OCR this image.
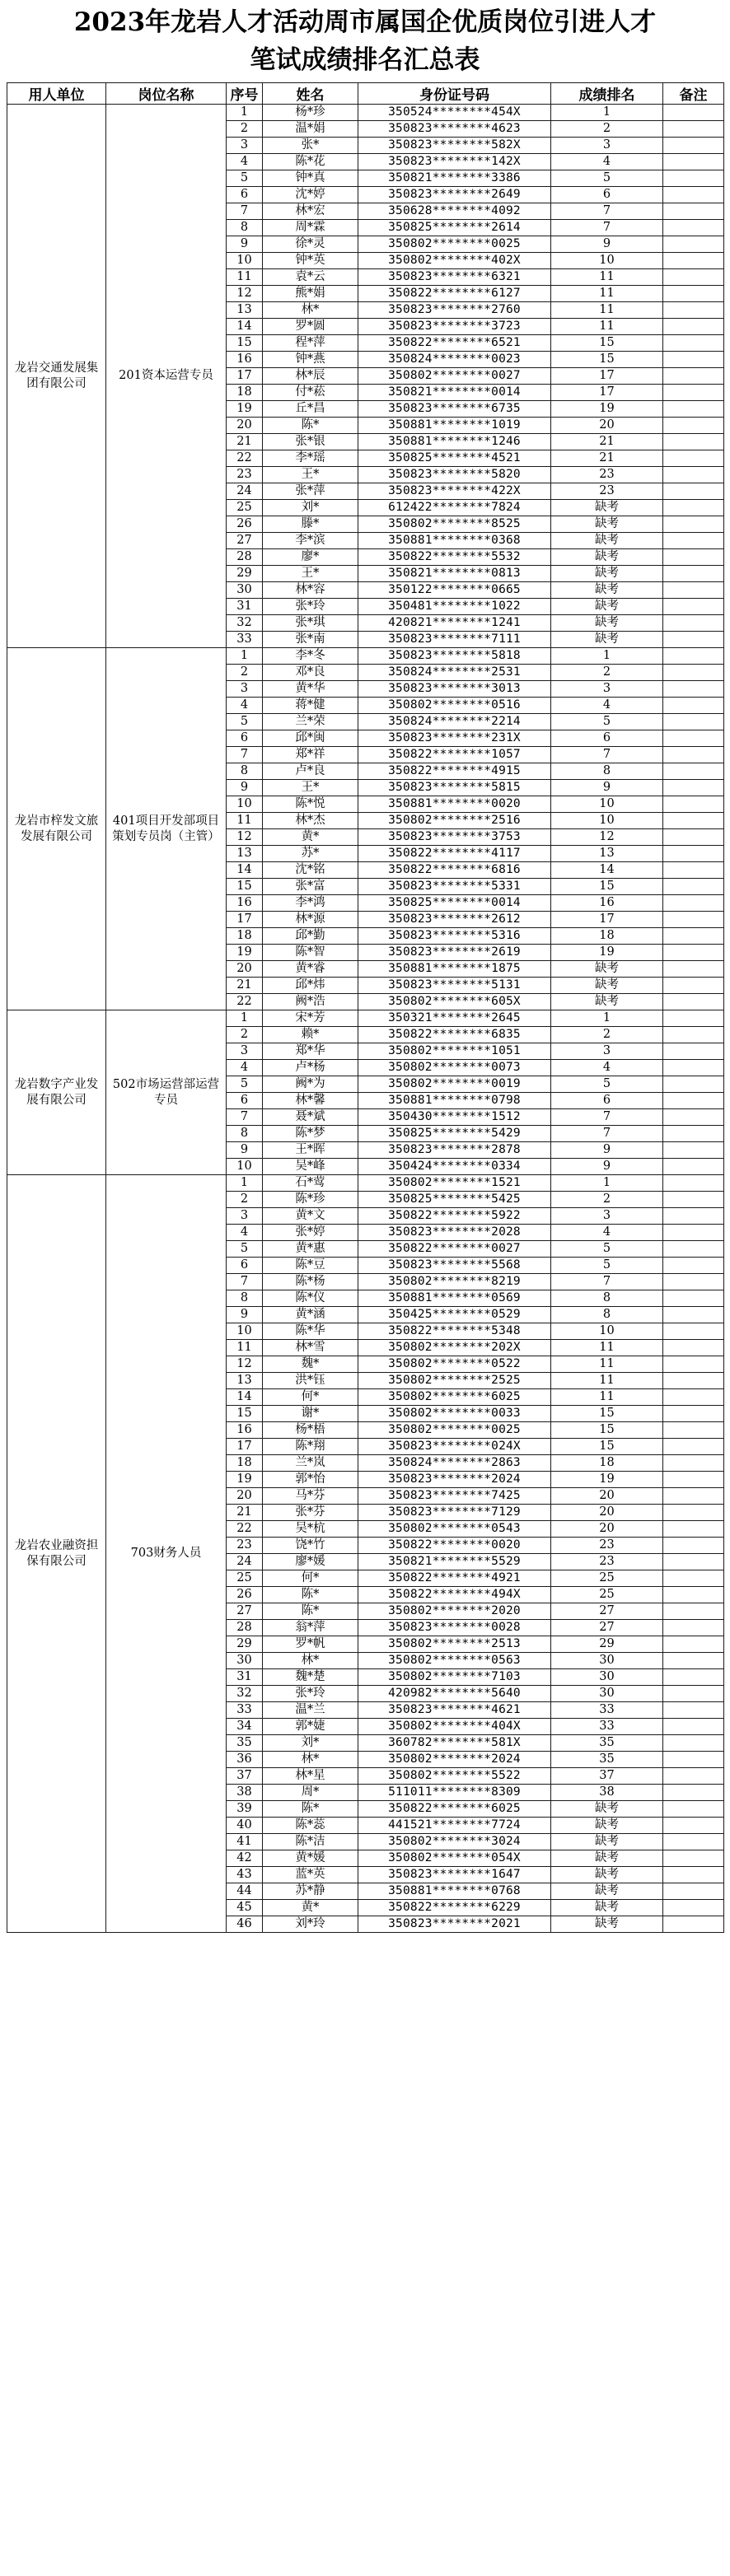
2023年龙岩人才活动周市属国企优质岗位引进人才
笔试成绩排名汇总表
用人单位	岗位名称	序号	姓名	身份证号码	成绩排名	备注
龙岩交通发展集团有限公司	201资本运营专员	1	杨*珍	350524********454X	1	
		2	温*娟	350823********4623	2	
		3	张*	350823********582X	3	
		4	陈*花	350823********142X	4	
		5	钟*真	350821********3386	5	
		6	沈*婷	350823********2649	6	
		7	林*宏	350628********4092	7	
		8	周*霖	350825********2614	7	
		9	徐*灵	350802********0025	9	
		10	钟*英	350802********402X	10	
		11	袁*云	350823********6321	11	
		12	熊*娟	350822********6127	11	
		13	林*	350823********2760	11	
		14	罗*圆	350823********3723	11	
		15	程*萍	350822********6521	15	
		16	钟*燕	350824********0023	15	
		17	林*辰	350802********0027	17	
		18	付*菘	350821********0014	17	
		19	丘*昌	350823********6735	19	
		20	陈*	350881********1019	20	
		21	张*银	350881********1246	21	
		22	李*瑶	350825********4521	21	
		23	王*	350823********5820	23	
		24	张*萍	350823********422X	23	
		25	刘*	612422********7824	缺考	
		26	滕*	350802********8525	缺考	
		27	李*滨	350881********0368	缺考	
		28	廖*	350822********5532	缺考	
		29	王*	350821********0813	缺考	
		30	林*容	350122********0665	缺考	
		31	张*玲	350481********1022	缺考	
		32	张*琪	420821********1241	缺考	
		33	张*南	350823********7111	缺考	
龙岩市梓发文旅发展有限公司	401项目开发部项目策划专员岗（主管）	1	李*冬	350823********5818	1	
		2	邓*良	350824********2531	2	
		3	黄*华	350823********3013	3	
		4	蒋*健	350802********0516	4	
		5	兰*荣	350824********2214	5	
		6	邱*闽	350823********231X	6	
		7	郑*祥	350822********1057	7	
		8	卢*良	350822********4915	8	
		9	王*	350823********5815	9	
		10	陈*悦	350881********0020	10	
		11	林*杰	350802********2516	10	
		12	黄*	350823********3753	12	
		13	苏*	350822********4117	13	
		14	沈*铭	350822********6816	14	
		15	张*富	350823********5331	15	
		16	李*鸿	350825********0014	16	
		17	林*源	350823********2612	17	
		18	邱*勤	350823********5316	18	
		19	陈*智	350823********2619	19	
		20	黄*睿	350881********1875	缺考	
		21	邱*炜	350823********5131	缺考	
		22	阙*浩	350802********605X	缺考	
龙岩数字产业发展有限公司	502市场运营部运营专员	1	宋*芳	350321********2645	1	
		2	赖*	350822********6835	2	
		3	郑*华	350802********1051	3	
		4	卢*杨	350802********0073	4	
		5	阙*为	350802********0019	5	
		6	林*馨	350881********0798	6	
		7	聂*斌	350430********1512	7	
		8	陈*梦	350825********5429	7	
		9	王*晖	350823********2878	9	
		10	吴*峰	350424********0334	9	
龙岩农业融资担保有限公司	703财务人员	1	石*莺	350802********1521	1	
		2	陈*珍	350825********5425	2	
		3	黄*文	350822********5922	3	
		4	张*婷	350823********2028	4	
		5	黄*惠	350822********0027	5	
		6	陈*豆	350823********5568	5	
		7	陈*杨	350802********8219	7	
		8	陈*仪	350881********0569	8	
		9	黄*涵	350425********0529	8	
		10	陈*华	350822********5348	10	
		11	林*雪	350802********202X	11	
		12	魏*	350802********0522	11	
		13	洪*钰	350802********2525	11	
		14	何*	350802********6025	11	
		15	谢*	350802********0033	15	
		16	杨*梧	350802********0025	15	
		17	陈*翔	350823********024X	15	
		18	兰*岚	350824********2863	18	
		19	郭*怡	350823********2024	19	
		20	马*芬	350823********7425	20	
		21	张*芬	350823********7129	20	
		22	吴*杭	350802********0543	20	
		23	饶*竹	350822********0020	23	
		24	廖*媛	350821********5529	23	
		25	何*	350822********4921	25	
		26	陈*	350822********494X	25	
		27	陈*	350802********2020	27	
		28	翁*萍	350823********0028	27	
		29	罗*帆	350802********2513	29	
		30	林*	350802********0563	30	
		31	魏*楚	350802********7103	30	
		32	张*玲	420982********5640	30	
		33	温*兰	350823********4621	33	
		34	郭*婕	350802********404X	33	
		35	刘*	360782********581X	35	
		36	林*	350802********2024	35	
		37	林*星	350802********5522	37	
		38	周*	511011********8309	38	
		39	陈*	350822********6025	缺考	
		40	陈*蕊	441521********7724	缺考	
		41	陈*洁	350802********3024	缺考	
		42	黄*媛	350802********054X	缺考	
		43	蓝*英	350823********1647	缺考	
		44	苏*静	350881********0768	缺考	
		45	黄*	350822********6229	缺考	
		46	刘*玲	350823********2021	缺考	
